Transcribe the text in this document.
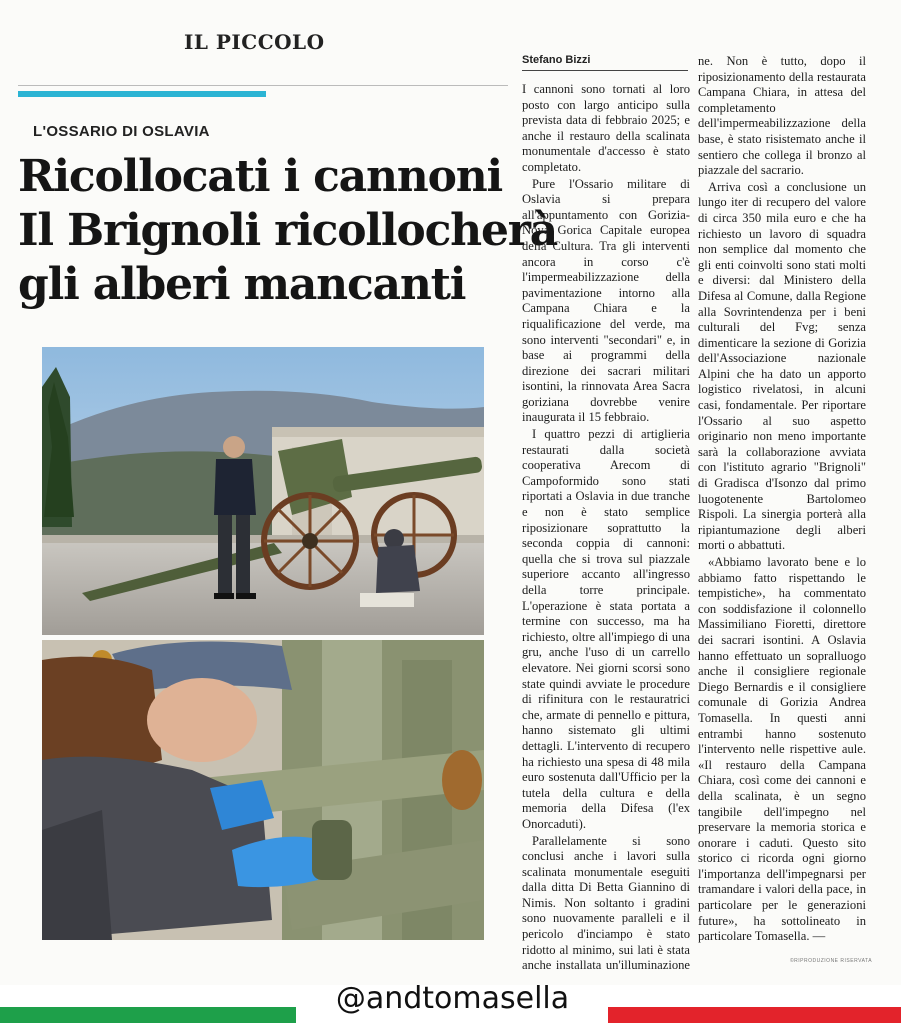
IL PICCOLO
L'OSSARIO DI OSLAVIA
Ricollocati i cannoni
Il Brignoli ricollocherà
gli alberi mancanti
Stefano Bizzi

I cannoni sono tornati al loro posto con largo anticipo sulla prevista data di febbraio 2025; e anche il restauro della scalinata monumentale d'accesso è stato completato.

Pure l'Ossario militare di Oslavia si prepara all'appuntamento con Gorizia-Nova Gorica Capitale europea della Cultura. Tra gli interventi ancora in corso c'è l'impermeabilizzazione della pavimentazione intorno alla Campana Chiara e la riqualificazione del verde, ma sono interventi "secondari" e, in base ai programmi della direzione dei sacrari militari isontini, la rinnovata Area Sacra goriziana dovrebbe venire inaugurata il 15 febbraio.

I quattro pezzi di artiglieria restaurati dalla società cooperativa Arecom di Campoformido sono stati riportati a Oslavia in due tranche e non è stato semplice riposizionare soprattutto la seconda coppia di cannoni: quella che si trova sul piazzale superiore accanto all'ingresso della torre principale. L'operazione è stata portata a termine con successo, ma ha richiesto, oltre all'impiego di una gru, anche l'uso di un carrello elevatore. Nei giorni scorsi sono state quindi avviate le procedure di rifinitura con le restauratrici che, armate di pennello e pittura, hanno sistemato gli ultimi dettagli. L'intervento di recupero ha richiesto una spesa di 48 mila euro sostenuta dall'Ufficio per la tutela della cultura e della memoria della Difesa (l'ex Onorcaduti).

Parallelamente si sono conclusi anche i lavori sulla scalinata monumentale eseguiti dalla ditta Di Betta Giannino di Nimis. Non soltanto i gradini sono nuovamente paralleli e il pericolo d'inciampo è stato ridotto al minimo, sui lati è stata anche installata un'illuminazione

ne. Non è tutto, dopo il riposizionamento della restaurata Campana Chiara, in attesa del completamento dell'impermeabilizzazione della base, è stato risistemato anche il sentiero che collega il bronzo al piazzale del sacrario.

Arriva così a conclusione un lungo iter di recupero del valore di circa 350 mila euro e che ha richiesto un lavoro di squadra non semplice dal momento che gli enti coinvolti sono stati molti e diversi: dal Ministero della Difesa al Comune, dalla Regione alla Sovrintendenza per i beni culturali del Fvg; senza dimenticare la sezione di Gorizia dell'Associazione nazionale Alpini che ha dato un apporto logistico rivelatosi, in alcuni casi, fondamentale. Per riportare l'Ossario al suo aspetto originario non meno importante sarà la collaborazione avviata con l'istituto agrario "Brignoli" di Gradisca d'Isonzo dal primo luogotenente Bartolomeo Rispoli. La sinergia porterà alla ripiantumazione degli alberi morti o abbattuti.

«Abbiamo lavorato bene e lo abbiamo fatto rispettando le tempistiche», ha commentato con soddisfazione il colonnello Massimiliano Fioretti, direttore dei sacrari isontini. A Oslavia hanno effettuato un sopralluogo anche il consigliere regionale Diego Bernardis e il consigliere comunale di Gorizia Andrea Tomasella. In questi anni entrambi hanno sostenuto l'intervento nelle rispettive aule. «Il restauro della Campana Chiara, così come dei cannoni e della scalinata, è un segno tangibile dell'impegno nel preservare la memoria storica e onorare i caduti. Questo sito storico ci ricorda ogni giorno l'importanza dell'impegnarsi per tramandare i valori della pace, in particolare per le generazioni future», ha sottolineato in particolare Tomasella. —

©RIPRODUZIONE RISERVATA
@andtomasella
